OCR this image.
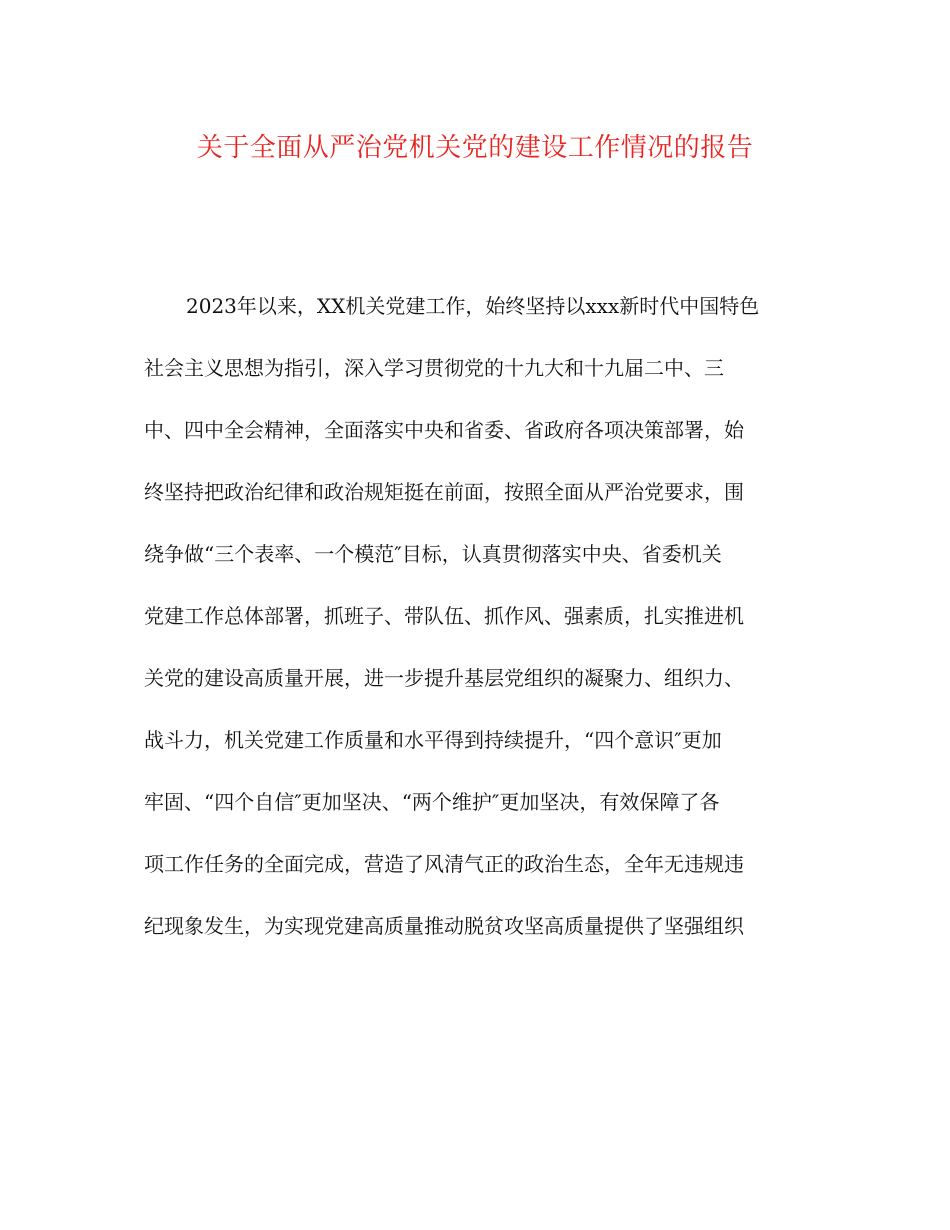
关于全面从严治党机关党的建设工作情况的报告
2023年以来，XX机关党建工作，始终坚持以xxx新时代中国特色
社会主义思想为指引，深入学习贯彻党的十九大和十九届二中、三
中、四中全会精神，全面落实中央和省委、省政府各项决策部署，始
终坚持把政治纪律和政治规矩挺在前面，按照全面从严治党要求，围
绕争做“三个表率、一个模范″目标，认真贯彻落实中央、省委机关
党建工作总体部署，抓班子、带队伍、抓作风、强素质，扎实推进机
关党的建设高质量开展，进一步提升基层党组织的凝聚力、组织力、
战斗力，机关党建工作质量和水平得到持续提升，“四个意识″更加
牢固、“四个自信″更加坚决、“两个维护″更加坚决，有效保障了各
项工作任务的全面完成，营造了风清气正的政治生态，全年无违规违
纪现象发生，为实现党建高质量推动脱贫攻坚高质量提供了坚强组织
